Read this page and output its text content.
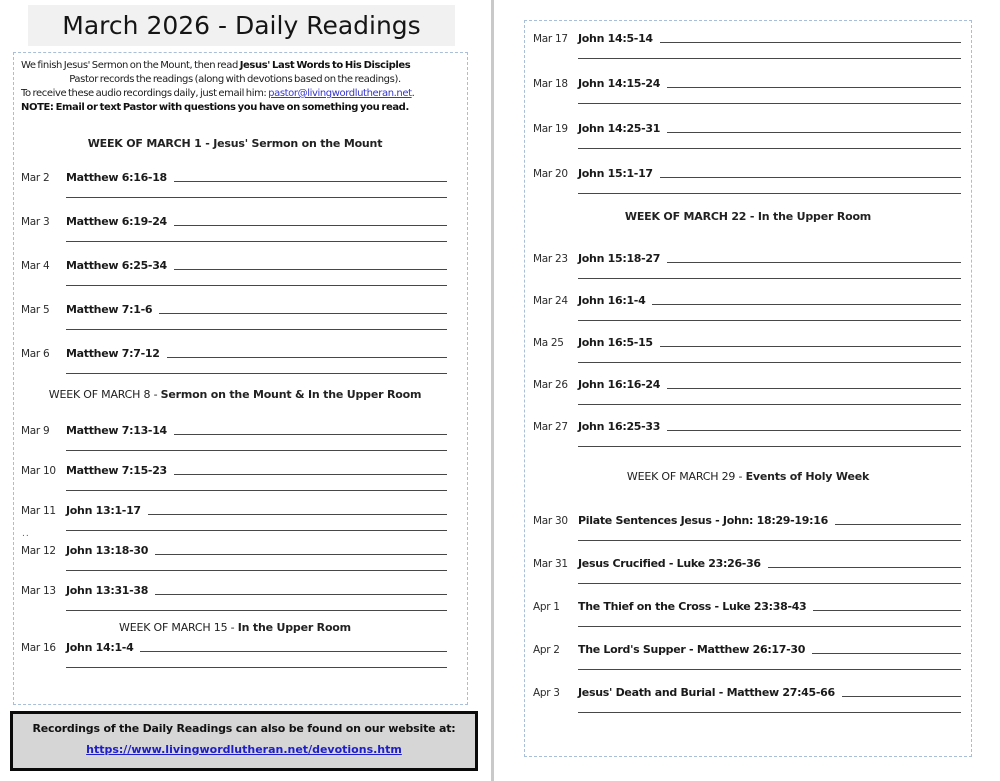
March 2026 - Daily Readings

We finish Jesus' Sermon on the Mount, then read Jesus' Last Words to His Disciples

Pastor records the readings (along with devotions based on the readings).

To receive these audio recordings daily, just email him: pastor@livingwordlutheran.net.

NOTE: Email or text Pastor with questions you have on something you read.

WEEK OF MARCH 1 - Jesus' Sermon on the Mount
Mar 2	Matthew 6:16-18
Mar 3	Matthew 6:19-24
Mar 4	Matthew 6:25-34
Mar 5	Matthew 7:1-6
Mar 6	Matthew 7:7-12
WEEK OF MARCH 8 - Sermon on the Mount & In the Upper Room
Mar 9	Matthew 7:13-14
Mar 10 Matthew 7:15-23
Mar 11 John 13:1-17
..
Mar 12 John 13:18-30
Mar 13 John 13:31-38
WEEK OF MARCH 15 - In the Upper Room
Mar 16 John 14:1-4
Mar 17 John 14:5-14
Mar 18 John 14:15-24
Mar 19 John 14:25-31
Mar 20 John 15:1-17
WEEK OF MARCH 22 - In the Upper Room
Mar 23 John 15:18-27
Mar 24 John 16:1-4
Ma 25	John 16:5-15
Mar 26 John 16:16-24
Mar 27 John 16:25-33
WEEK OF MARCH 29 - Events of Holy Week
Mar 30 Pilate Sentences Jesus - John: 18:29-19:16
Mar 31 Jesus Crucified - Luke 23:26-36
Apr 1	The Thief on the Cross - Luke 23:38-43
Apr 2	The Lord's Supper - Matthew 26:17-30
Apr 3	Jesus' Death and Burial - Matthew 27:45-66
Recordings of the Daily Readings can also be found on our website at:
https://www.livingwordlutheran.net/devotions.htm
